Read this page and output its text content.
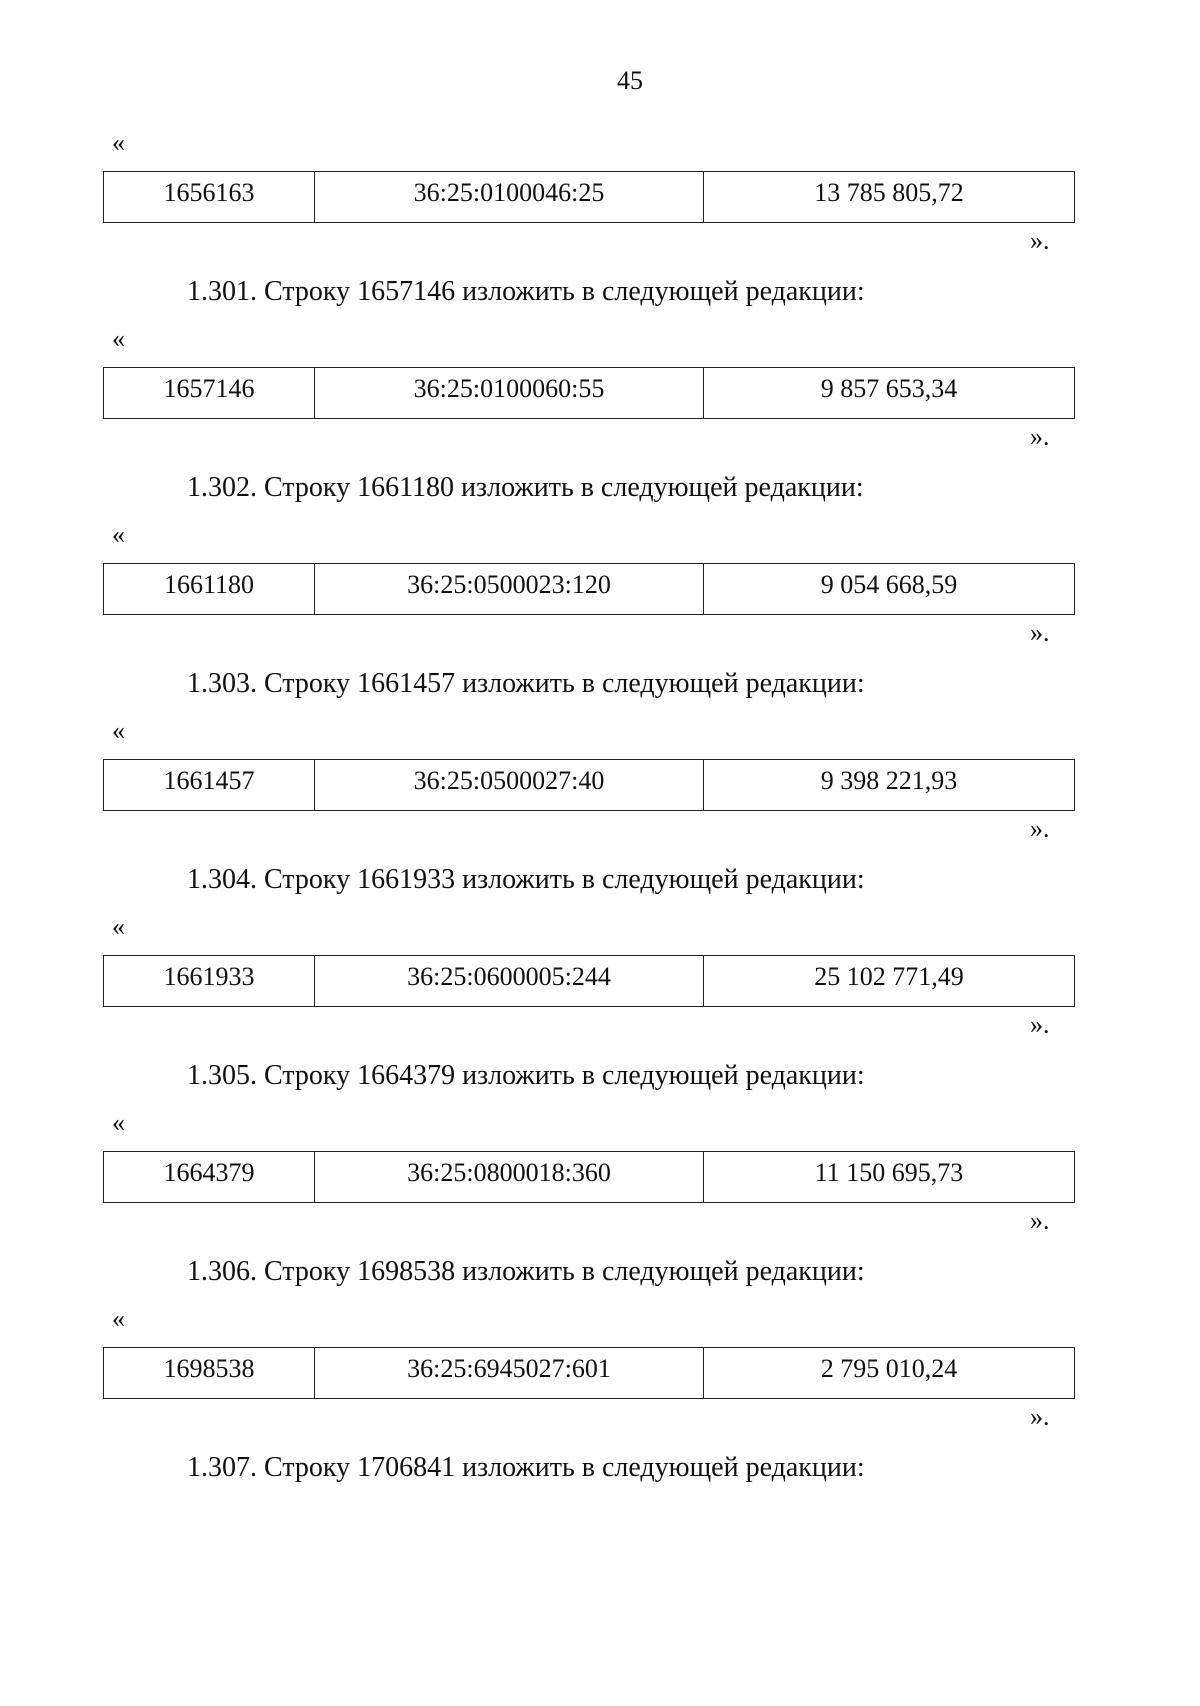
45
«
1656163	36:25:0100046:25	13 785 805,72
».
1.301. Строку 1657146 изложить в следующей редакции:
«
1657146	36:25:0100060:55	9 857 653,34
».
1.302. Строку 1661180 изложить в следующей редакции:
«
1661180	36:25:0500023:120	9 054 668,59
».
1.303. Строку 1661457 изложить в следующей редакции:
«
1661457	36:25:0500027:40	9 398 221,93
».
1.304. Строку 1661933 изложить в следующей редакции:
«
1661933	36:25:0600005:244	25 102 771,49
».
1.305. Строку 1664379 изложить в следующей редакции:
«
1664379	36:25:0800018:360	11 150 695,73
».
1.306. Строку 1698538 изложить в следующей редакции:
«
1698538	36:25:6945027:601	2 795 010,24
».
1.307. Строку 1706841 изложить в следующей редакции:
